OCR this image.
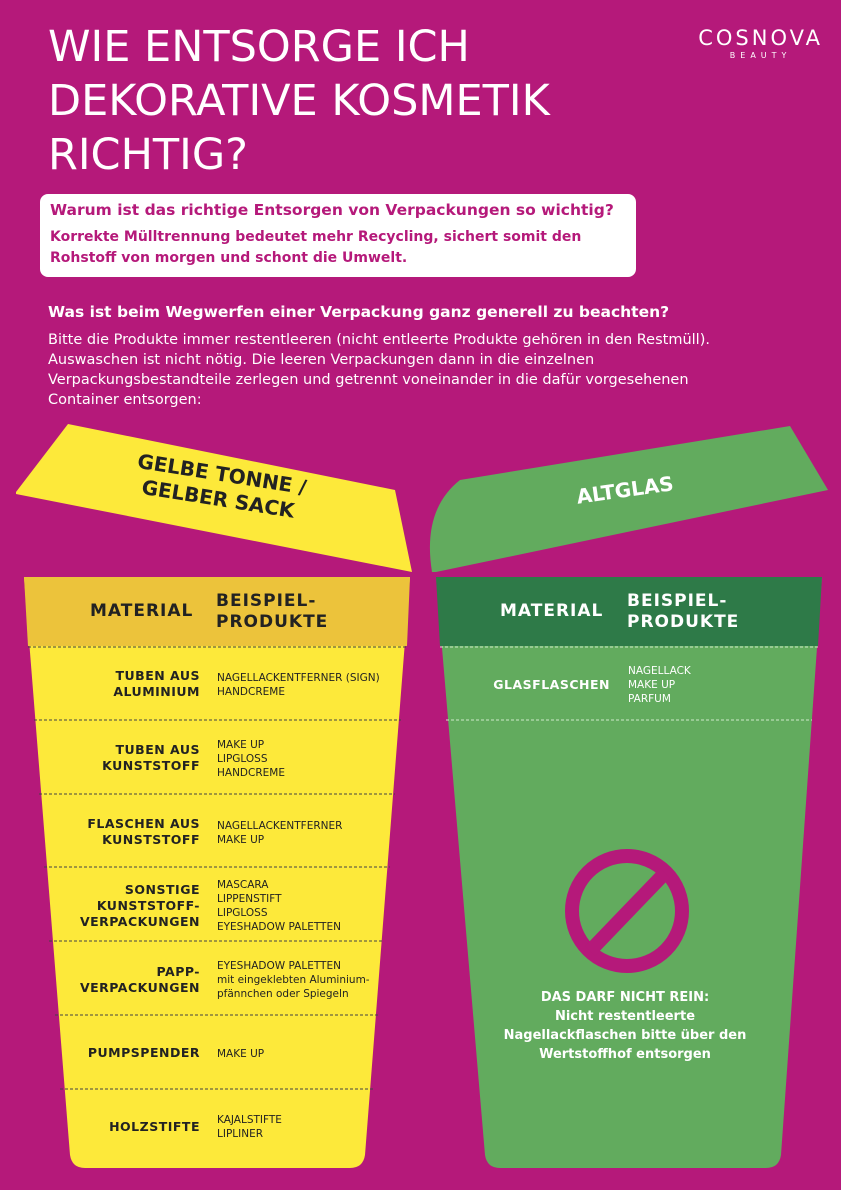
WIE ENTSORGE ICH DEKORATIVE KOSMETIK RICHTIG?
COSNOVA
BEAUTY
Warum ist das richtige Entsorgen von Verpackungen so wichtig?
Korrekte Mülltrennung bedeutet mehr Recycling, sichert somit den Rohstoff von morgen und schont die Umwelt.
Was ist beim Wegwerfen einer Verpackung ganz generell zu beachten?
Bitte die Produkte immer restentleeren (nicht entleerte Produkte gehören in den Restmüll). Auswaschen ist nicht nötig. Die leeren Verpackungen dann in die einzelnen Verpackungsbestandteile zerlegen und getrennt voneinander in die dafür vorgesehenen Container entsorgen:
GELBE TONNE / GELBER SACK	ALTGLAS
MATERIAL BEISPIEL-PRODUKTE
TUBEN AUS ALUMINIUM
NAGELLACKENTFERNER (SIGN)
HANDCREME
TUBEN AUS KUNSTSTOFF
MAKE UP
LIPGLOSS
HANDCREME
FLASCHEN AUS KUNSTSTOFF
NAGELLACKENTFERNER
MAKE UP
SONSTIGE KUNSTSTOFF-VERPACKUNGEN
MASCARA
LIPPENSTIFT
LIPGLOSS
EYESHADOW PALETTEN
PAPP-VERPACKUNGEN
EYESHADOW PALETTEN
mit eingeklebten Aluminium-
pfännchen oder Spiegeln
PUMPSPENDER MAKE UP
HOLZSTIFTE KAJALSTIFTE
LIPLINER
MATERIAL BEISPIEL-PRODUKTE
GLASFLASCHEN
NAGELLACK
MAKE UP
PARFUM
DAS DARF NICHT REIN:
Nicht restentleerte Nagellackflaschen bitte über den Wertstoffhof entsorgen
